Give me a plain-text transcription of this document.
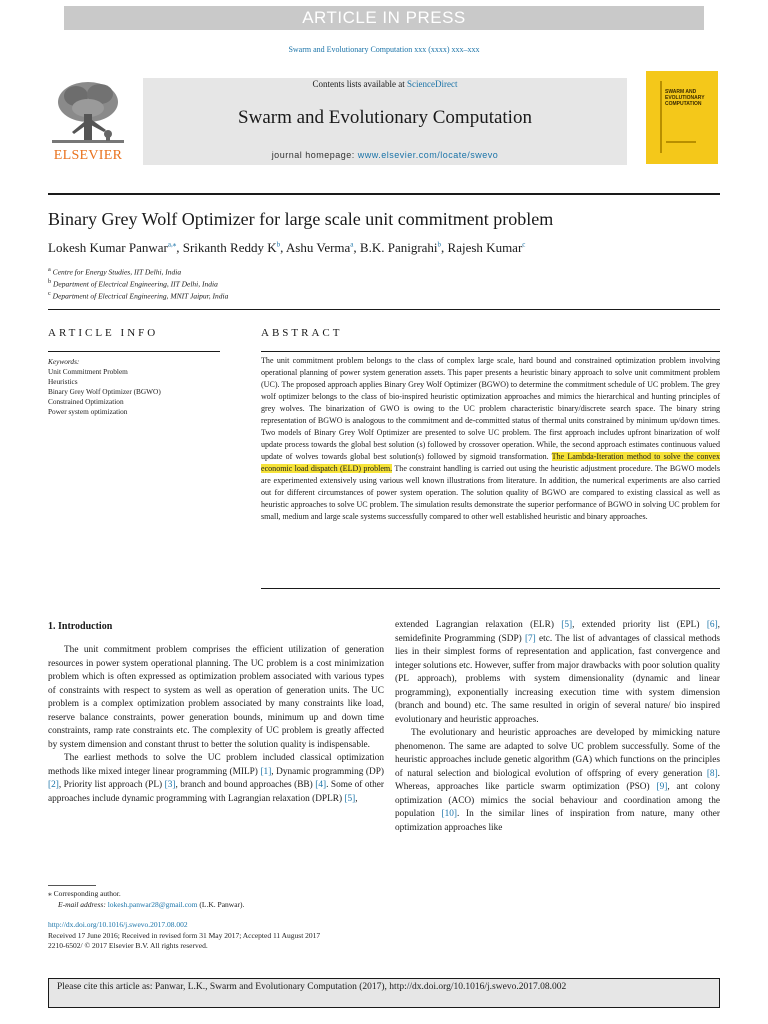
ARTICLE IN PRESS
Swarm and Evolutionary Computation xxx (xxxx) xxx–xxx
ELSEVIER
Contents lists available at ScienceDirect
Swarm and Evolutionary Computation
journal homepage: www.elsevier.com/locate/swevo
SWARM AND EVOLUTIONARY COMPUTATION
Binary Grey Wolf Optimizer for large scale unit commitment problem
Lokesh Kumar Panwar$^{a,⁎}$, Srikanth Reddy $K^b$, Ashu Verma$^a$, B.K. Panigrahi$^b$, Rajesh Kumar$^c$
$^a$ Centre for Energy Studies, IIT Delhi, India
$^b$ Department of Electrical Engineering, IIT Delhi, India
$^c$ Department of Electrical Engineering, MNIT Jaipur, India
ARTICLE INFO
Keywords:
Unit Commitment Problem
Heuristics
Binary Grey Wolf Optimizer (BGWO)
Constrained Optimization
Power system optimization
ABSTRACT
The unit commitment problem belongs to the class of complex large scale, hard bound and constrained optimization problem involving operational planning of power system generation assets. This paper presents a heuristic binary approach to solve unit commitment problem (UC). The proposed approach applies Binary Grey Wolf Optimizer (BGWO) to determine the commitment schedule of UC problem. The grey wolf optimizer belongs to the class of bio-inspired heuristic optimization approaches and mimics the hierarchical and hunting principles of grey wolves. The binarization of GWO is owing to the UC problem characteristic binary/discrete search space. The binary string representation of BGWO is analogous to the commitment and de-committed status of thermal units constrained by minimum up/down times. Two models of Binary Grey Wolf Optimizer are presented to solve UC problem. The first approach includes upfront binarization of wolf update process towards the global best solution (s) followed by crossover operation. While, the second approach estimates continuous valued update of wolves towards global best solution(s) followed by sigmoid transformation. The Lambda-Iteration method to solve the convex economic load dispatch (ELD) problem. The constraint handling is carried out using the heuristic adjustment procedure. The BGWO models are experimented extensively using various well known illustrations from literature. In addition, the numerical experiments are also carried out for different circumstances of power system operation. The solution quality of BGWO are compared to existing classical as well as heuristic approaches to solve UC problem. The simulation results demonstrate the superior performance of BGWO in solving UC problem for small, medium and large scale systems successfully compared to other well established heuristic and binary approaches.
1. Introduction

The unit commitment problem comprises the efficient utilization of generation resources in power system operational planning. The UC problem is a cost minimization problem which is often expressed as optimization problem associated with various types of constraints with respect to system as well as operation of generation units. The UC problem is a complex optimization problem associated by many constraints like load, reserve balance constraints, power generation bounds, minimum up and down time constraints, ramp rate constraints etc. The complexity of UC problem is greatly affected by system dimension and constant thrust to better the solution quality is indispensable.

The earliest methods to solve the UC problem included classical optimization methods like mixed integer linear programming (MILP) [1], Dynamic programming (DP) [2], Priority list approach (PL) [3], branch and bound approaches (BB) [4]. Some of other approaches include dynamic programming with Lagrangian relaxation (DPLR) [5],

extended Lagrangian relaxation (ELR) [5], extended priority list (EPL) [6], semidefinite Programming (SDP) [7] etc. The list of advantages of classical methods lies in their simplest forms of representation and application, fast convergence and integer solutions etc. However, suffer from major drawbacks with poor solution quality (PL approach), problems with system dimensionality (dynamic and linear programming), exponentially increasing execution time with system dimension (branch and bound) etc. The same resulted in origin of several nature/ bio inspired evolutionary and heuristic approaches.

The evolutionary and heuristic approaches are developed by mimicking nature phenomenon. The same are adapted to solve UC problem successfully. Some of the heuristic approaches include genetic algorithm (GA) which functions on the principles of natural selection and biological evolution of offspring of every generation [8]. Whereas, approaches like particle swarm optimization (PSO) [9], ant colony optimization (ACO) mimics the social behaviour and coordination among the population [10]. In the similar lines of inspiration from nature, many other optimization approaches like

⁎ Corresponding author.
E-mail address: lokesh.panwar28@gmail.com (L.K. Panwar).
http://dx.doi.org/10.1016/j.swevo.2017.08.002
Received 17 June 2016; Received in revised form 31 May 2017; Accepted 11 August 2017
2210-6502/ © 2017 Elsevier B.V. All rights reserved.
Please cite this article as: Panwar, L.K., Swarm and Evolutionary Computation (2017), http://dx.doi.org/10.1016/j.swevo.2017.08.002
